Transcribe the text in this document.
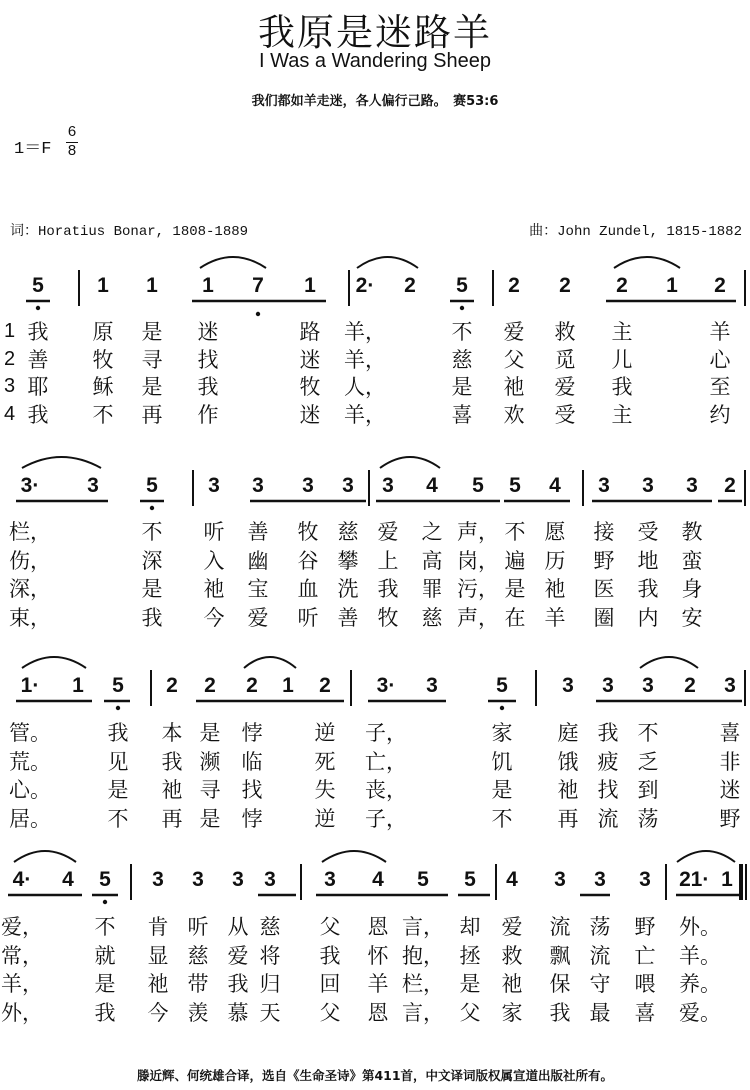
我原是迷路羊
I Was a Wandering Sheep
我们都如羊走迷，各人偏行己路。　赛53:6
1＝F
6
8
词：Horatius Bonar, 1808-1889	曲：John Zundel, 1815-1882
5	1 1 1 7 1 2· 2 5 2 2 2 1 2
我 原 是 迷	路 羊，	不 爱 救 主	羊
1
善 牧 寻 找	迷 羊，	慈 父 觅 儿	心
2
耶 稣 是 我	牧 人，	是 祂 爱 我	至
3
我 不 再 作	迷 羊，	喜 欢 受 主	约
4
3· 3 5 3 3 3 3 3 4 5 5 4 3 3 3 2
栏，	不 听 善 牧 慈 爱 之 声， 不 愿 接 受 教
伤，	深 入 幽 谷 攀 上 高 岗， 遍 历 野 地 蛮
深，	是 祂 宝 血 洗 我 罪 污， 是 祂 医 我 身
束，	我 今 爱 听 善 牧 慈 声， 在 羊 圈 内 安
1· 1 5 2 2 2 1 2 3· 3	5	3 3 3 2 3
管。	我 本 是 悖 逆 子，	家 庭 我 不	喜
荒。	见 我 濒 临 死 亡，	饥 饿 疲 乏	非
心。	是 祂 寻 找 失 丧，	是 祂 找 到	迷
居。	不 再 是 悖 逆 子，	不 再 流 荡	野
4· 4 5 3 3 3 3 3 4 5 5 4 3 3 3 2 1· 1
爱， 不 肯 听 从 慈 父 恩 言， 却 爱 流 荡 野 外。
常， 就 显 慈 爱 将 我 怀 抱， 拯 救 飘 流 亡 羊。
羊， 是 祂 带 我 归 回 羊 栏， 是 祂 保 守 喂 养。
外， 我 今 羡 慕 天 父 恩 言， 父 家 我 最 喜 爱。
滕近辉、何统雄合译，选自《生命圣诗》第411首，中文译词版权属宣道出版社所有。
